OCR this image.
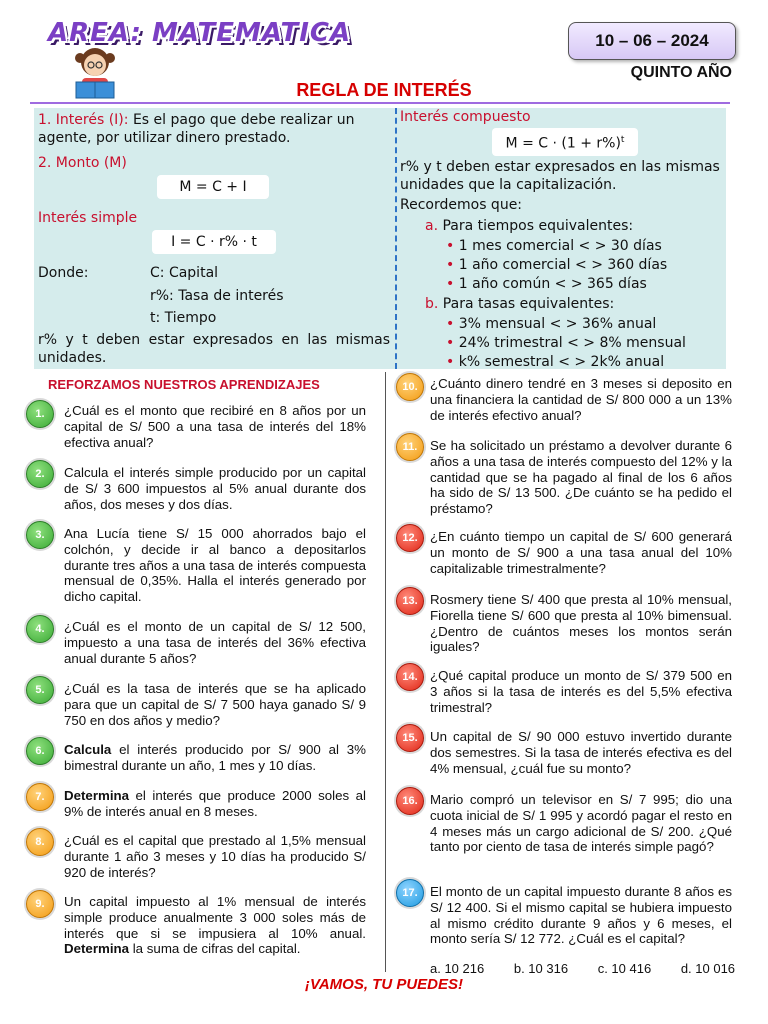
AREA: MATEMATICA	10 – 06 – 2024
QUINTO AÑO
REGLA DE INTERÉS
1. Interés (I): Es el pago que debe realizar un agente, por utilizar dinero prestado.
2. Monto (M)
M = C + I
Interés simple
I = C · r% · t
Donde:	C: Capital
r%: Tasa de interés
t: Tiempo
r% y t deben estar expresados en las mismas unidades.
Interés compuesto
$M = C \cdot (1 + r\%)^t$
r% y t deben estar expresados en las mismas unidades que la capitalización.
Recordemos que:
a. Para tiempos equivalentes:
• 1 mes comercial < > 30 días
• 1 año comercial < > 360 días
• 1 año común < > 365 días
b. Para tasas equivalentes:
• 3% mensual < > 36% anual
• 24% trimestral < > 8% mensual
• k% semestral < > 2k% anual
REFORZAMOS NUESTROS APRENDIZAJES
1.	¿Cuál es el monto que recibiré en 8 años por un capital de S/ 500 a una tasa de interés del 18% efectiva anual?
2.	Calcula el interés simple producido por un capital de S/ 3 600 impuestos al 5% anual durante dos años, dos meses y dos días.
3.	Ana Lucía tiene S/ 15 000 ahorrados bajo el colchón, y decide ir al banco a depositarlos durante tres años a una tasa de interés compuesta mensual de 0,35%. Halla el interés generado por dicho capital.
4.	¿Cuál es el monto de un capital de S/ 12 500, impuesto a una tasa de interés del 36% efectiva anual durante 5 años?
5.	¿Cuál es la tasa de interés que se ha aplicado para que un capital de S/ 7 500 haya ganado S/ 9 750 en dos años y medio?
6.	Calcula el interés producido por S/ 900 al 3% bimestral durante un año, 1 mes y 10 días.
7.	Determina el interés que produce 2000 soles al 9% de interés anual en 8 meses.
8.	¿Cuál es el capital que prestado al 1,5% mensual durante 1 año 3 meses y 10 días ha producido S/ 920 de interés?
9.	Un capital impuesto al 1% mensual de interés simple produce anualmente 3 000 soles más de interés que si se impusiera al 10% anual. Determina la suma de cifras del capital.
10. ¿Cuánto dinero tendré en 3 meses si deposito en una financiera la cantidad de S/ 800 000 a un 13% de interés efectivo anual?
11. Se ha solicitado un préstamo a devolver durante 6 años a una tasa de interés compuesto del 12% y la cantidad que se ha pagado al final de los 6 años ha sido de S/ 13 500. ¿De cuánto se ha pedido el préstamo?
12. ¿En cuánto tiempo un capital de S/ 600 generará un monto de S/ 900 a una tasa anual del 10% capitalizable trimestralmente?
13. Rosmery tiene S/ 400 que presta al 10% mensual, Fiorella tiene S/ 600 que presta al 10% bimensual. ¿Dentro de cuántos meses los montos serán iguales?
14. ¿Qué capital produce un monto de S/ 379 500 en 3 años si la tasa de interés es del 5,5% efectiva trimestral?
15. Un capital de S/ 90 000 estuvo invertido durante dos semestres. Si la tasa de interés efectiva es del 4% mensual, ¿cuál fue su monto?
16. Mario compró un televisor en S/ 7 995; dio una cuota inicial de S/ 1 995 y acordó pagar el resto en 4 meses más un cargo adicional de S/ 200. ¿Qué tanto por ciento de tasa de interés simple pagó?
17. El monto de un capital impuesto durante 8 años es S/ 12 400. Si el mismo capital se hubiera impuesto al mismo crédito durante 9 años y 6 meses, el monto sería S/ 12 772. ¿Cuál es el capital?
a. 10 216 b. 10 316 c. 10 416 d. 10 016
¡VAMOS, TU PUEDES!
